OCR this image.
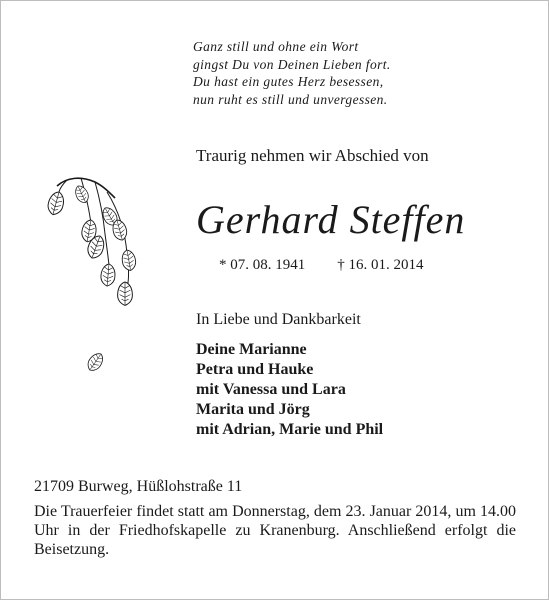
Ganz still und ohne ein Wort
gingst Du von Deinen Lieben fort.
Du hast ein gutes Herz besessen,
nun ruht es still und unvergessen.
Traurig nehmen wir Abschied von
Gerhard Steffen
* 07. 08. 1941 † 16. 01. 2014
In Liebe und Dankbarkeit
Deine Marianne
Petra und Hauke
mit Vanessa und Lara
Marita und Jörg
mit Adrian, Marie und Phil
21709 Burweg, Hüßlohstraße 11
Die Trauerfeier findet statt am Donnerstag, dem 23. Januar 2014, um 14.00 Uhr in der Friedhofskapelle zu Kranenburg. Anschließend erfolgt die Beisetzung.
